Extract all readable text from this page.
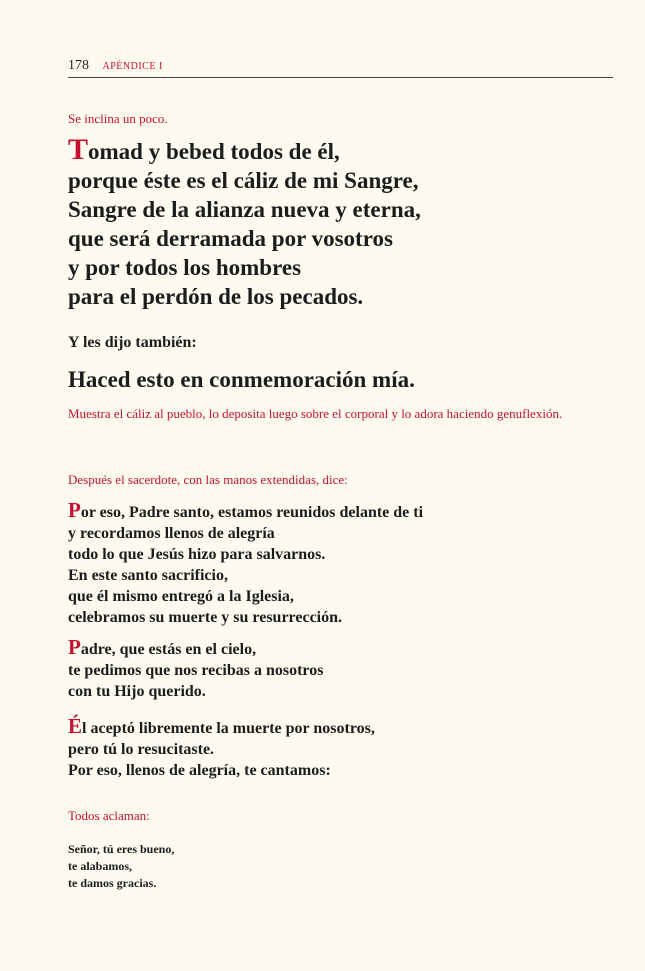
178 APÉNDICE I

Se inclina un poco.

Tomad y bebed todos de él,
porque éste es el cáliz de mi Sangre,
Sangre de la alianza nueva y eterna,
que será derramada por vosotros
y por todos los hombres
para el perdón de los pecados.

Y les dijo también:

Haced esto en conmemoración mía.

Muestra el cáliz al pueblo, lo deposita luego sobre el corporal y lo adora haciendo genuflexión.

Después el sacerdote, con las manos extendidas, dice:

Por eso, Padre santo, estamos reunidos delante de ti
y recordamos llenos de alegría
todo lo que Jesús hizo para salvarnos.
En este santo sacrificio,
que él mismo entregó a la Iglesia,
celebramos su muerte y su resurrección.
Padre, que estás en el cielo,
te pedimos que nos recibas a nosotros
con tu Hijo querido.
Él aceptó libremente la muerte por nosotros,
pero tú lo resucitaste.
Por eso, llenos de alegría, te cantamos:

Todos aclaman:

Señor, tú eres bueno,
te alabamos,
te damos gracias.
